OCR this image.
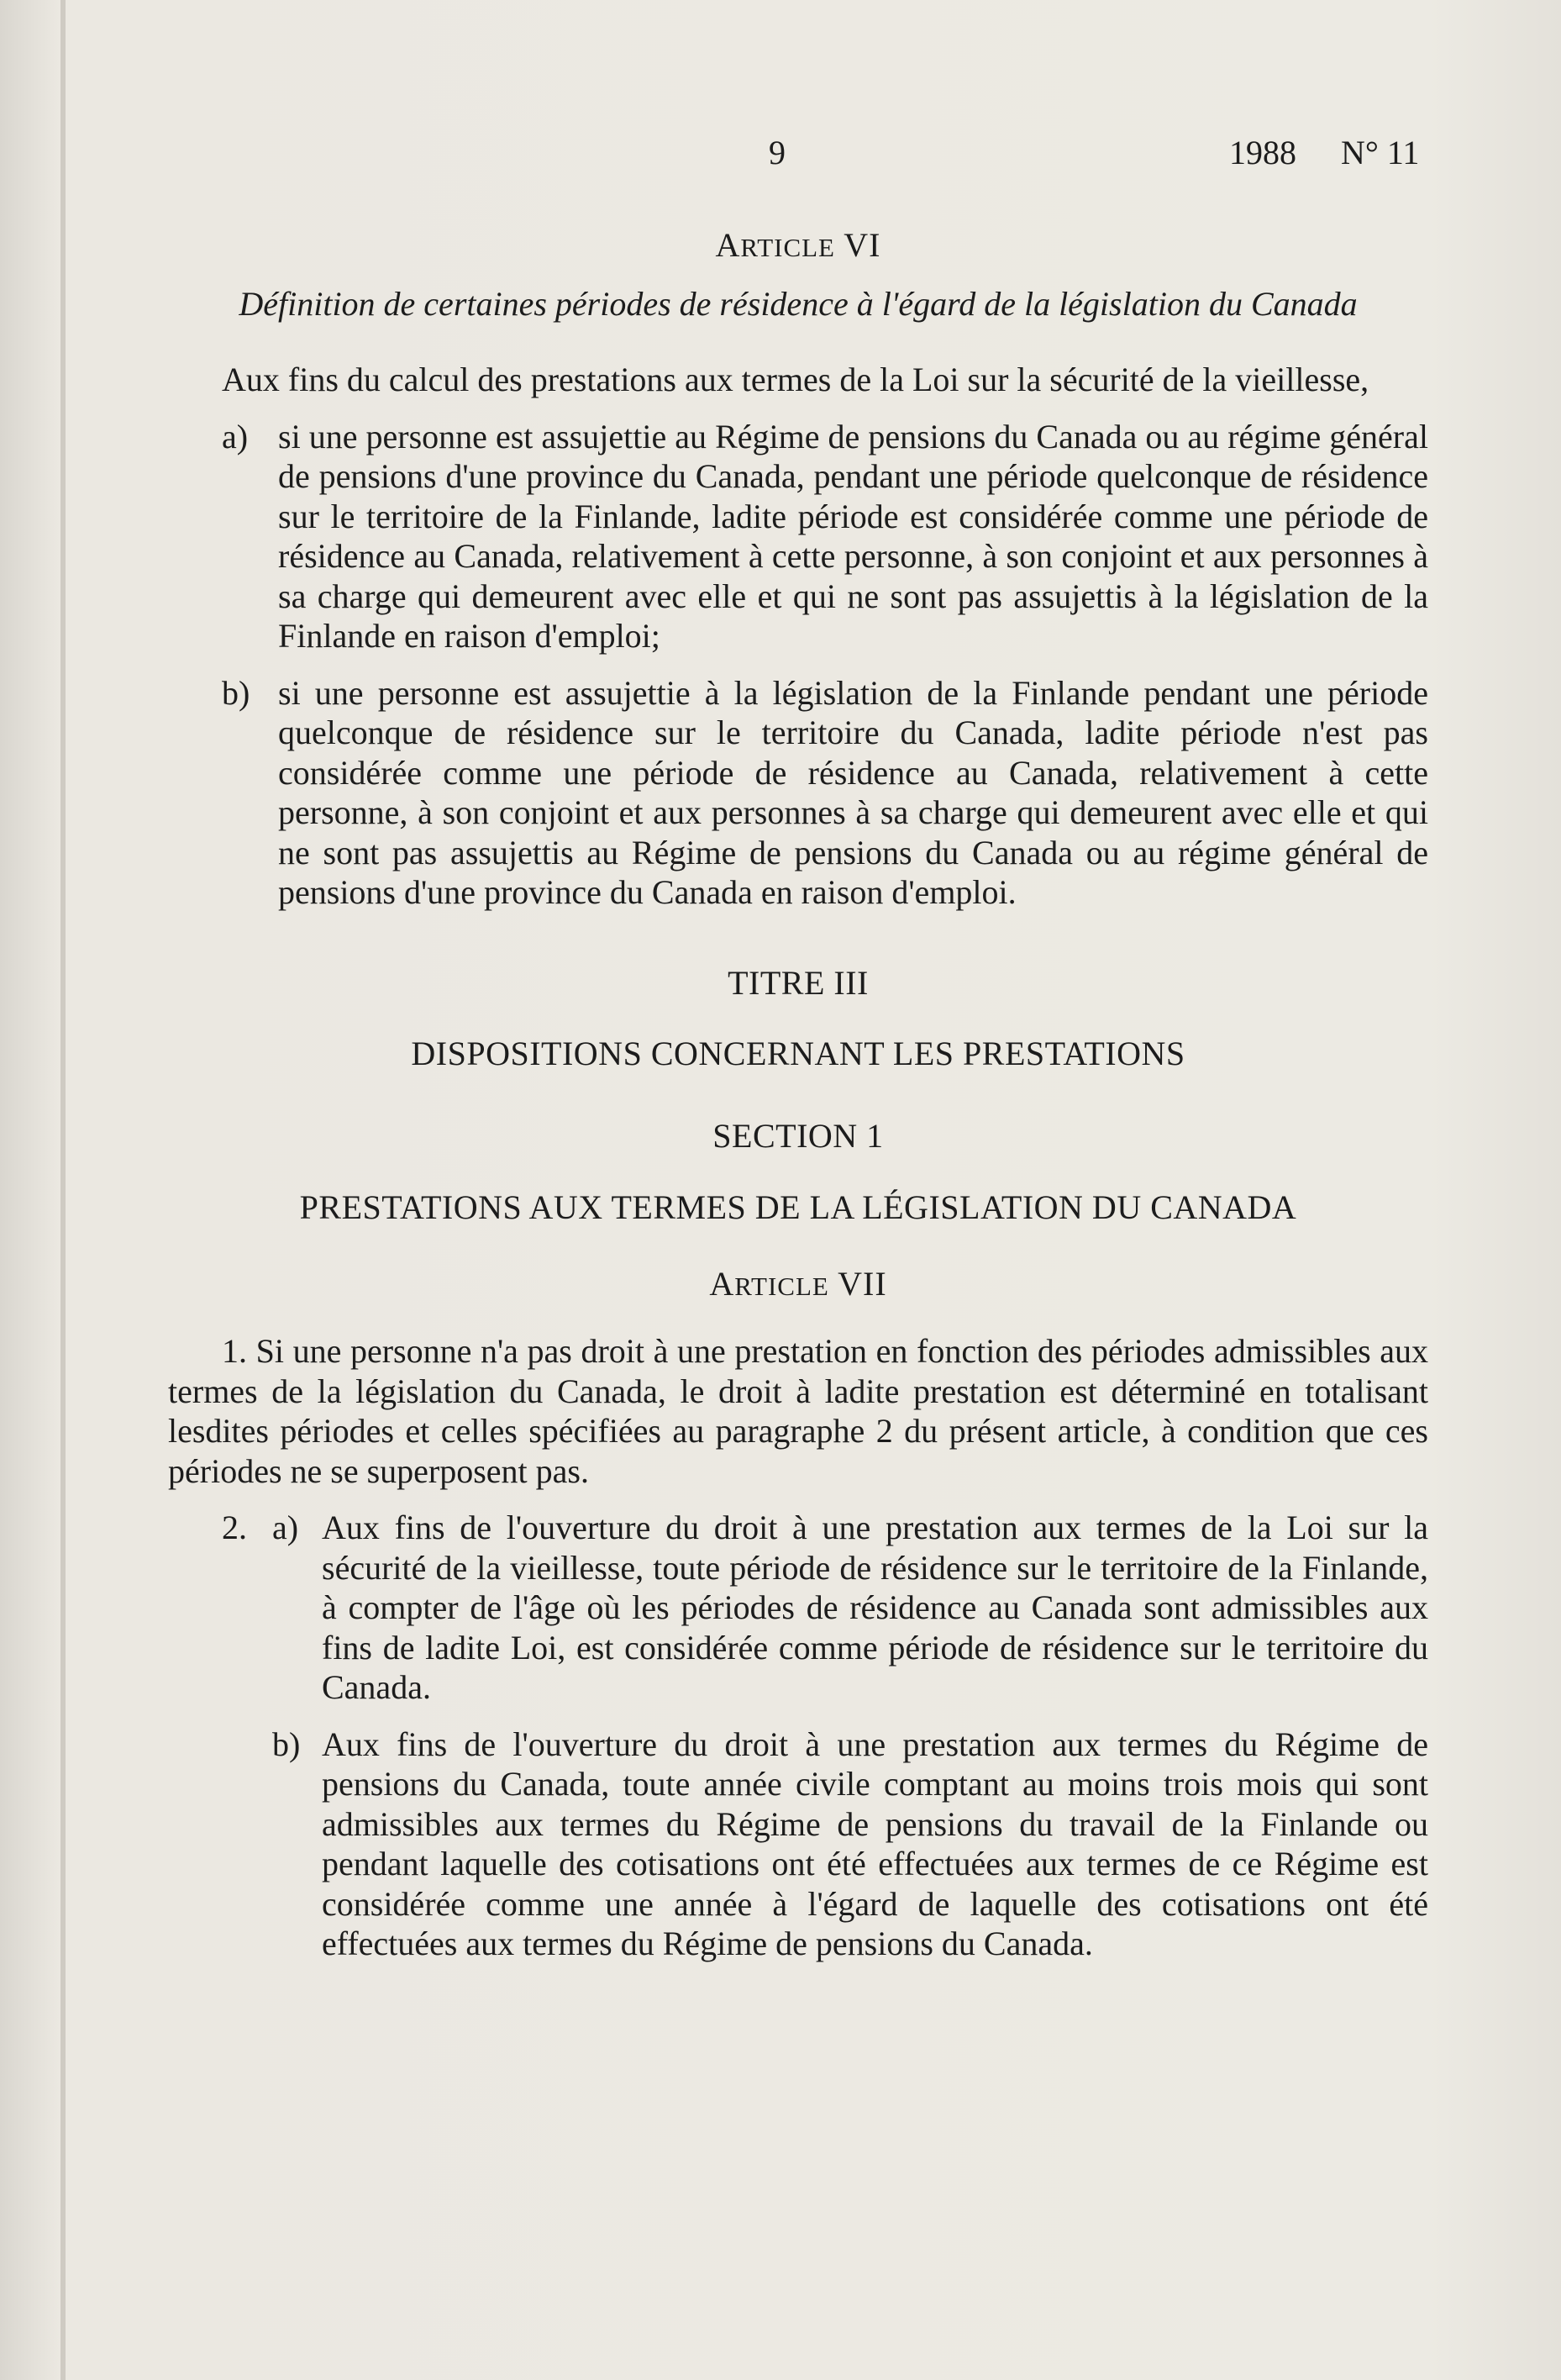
9	1988 N° 11
ARTICLE VI
Définition de certaines périodes de résidence à l'égard de la législation du Canada

Aux fins du calcul des prestations aux termes de la Loi sur la sécurité de la vieillesse,

a) si une personne est assujettie au Régime de pensions du Canada ou au régime général de pensions d'une province du Canada, pendant une période quelconque de résidence sur le territoire de la Finlande, ladite période est considérée comme une période de résidence au Canada, relativement à cette personne, à son conjoint et aux personnes à sa charge qui demeurent avec elle et qui ne sont pas assujettis à la législation de la Finlande en raison d'emploi;
b) si une personne est assujettie à la législation de la Finlande pendant une période quelconque de résidence sur le territoire du Canada, ladite période n'est pas considérée comme une période de résidence au Canada, relativement à cette personne, à son conjoint et aux personnes à sa charge qui demeurent avec elle et qui ne sont pas assujettis au Régime de pensions du Canada ou au régime général de pensions d'une province du Canada en raison d'emploi.
TITRE III
DISPOSITIONS CONCERNANT LES PRESTATIONS
SECTION 1
PRESTATIONS AUX TERMES DE LA LÉGISLATION DU CANADA
ARTICLE VII

1. Si une personne n'a pas droit à une prestation en fonction des périodes admissibles aux termes de la législation du Canada, le droit à ladite prestation est déterminé en totalisant lesdites périodes et celles spécifiées au paragraphe 2 du présent article, à condition que ces périodes ne se superposent pas.

2. a) Aux fins de l'ouverture du droit à une prestation aux termes de la Loi sur la sécurité de la vieillesse, toute période de résidence sur le territoire de la Finlande, à compter de l'âge où les périodes de résidence au Canada sont admissibles aux fins de ladite Loi, est considérée comme période de résidence sur le territoire du Canada.
b) Aux fins de l'ouverture du droit à une prestation aux termes du Régime de pensions du Canada, toute année civile comptant au moins trois mois qui sont admissibles aux termes du Régime de pensions du travail de la Finlande ou pendant laquelle des cotisations ont été effectuées aux termes de ce Régime est considérée comme une année à l'égard de laquelle des cotisations ont été effectuées aux termes du Régime de pensions du Canada.
